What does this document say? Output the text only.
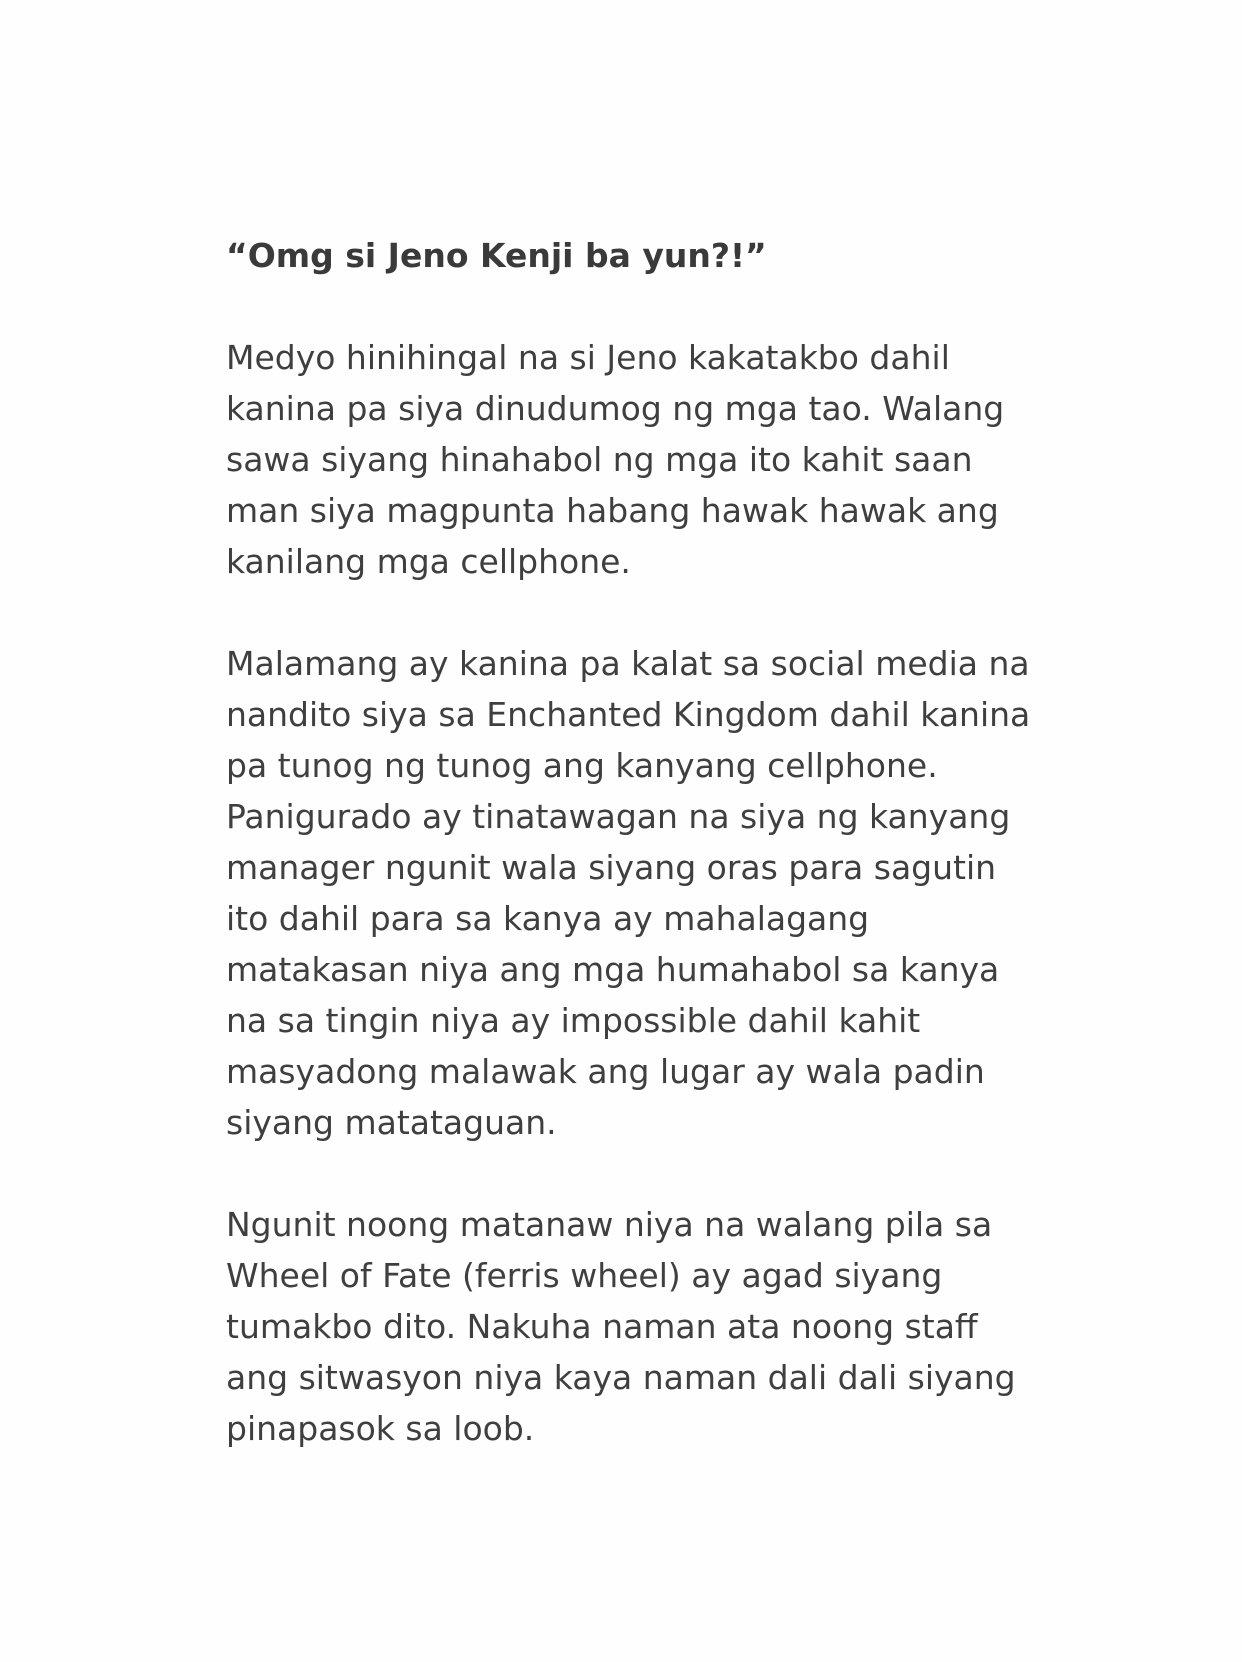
“Omg si Jeno Kenji ba yun?!”

Medyo hinihingal na si Jeno kakatakbo dahil
kanina pa siya dinudumog ng mga tao. Walang
sawa siyang hinahabol ng mga ito kahit saan
man siya magpunta habang hawak hawak ang
kanilang mga cellphone.

Malamang ay kanina pa kalat sa social media na
nandito siya sa Enchanted Kingdom dahil kanina
pa tunog ng tunog ang kanyang cellphone.
Panigurado ay tinatawagan na siya ng kanyang
manager ngunit wala siyang oras para sagutin
ito dahil para sa kanya ay mahalagang
matakasan niya ang mga humahabol sa kanya
na sa tingin niya ay impossible dahil kahit
masyadong malawak ang lugar ay wala padin
siyang matataguan.

Ngunit noong matanaw niya na walang pila sa
Wheel of Fate (ferris wheel) ay agad siyang
tumakbo dito. Nakuha naman ata noong staff
ang sitwasyon niya kaya naman dali dali siyang
pinapasok sa loob.
